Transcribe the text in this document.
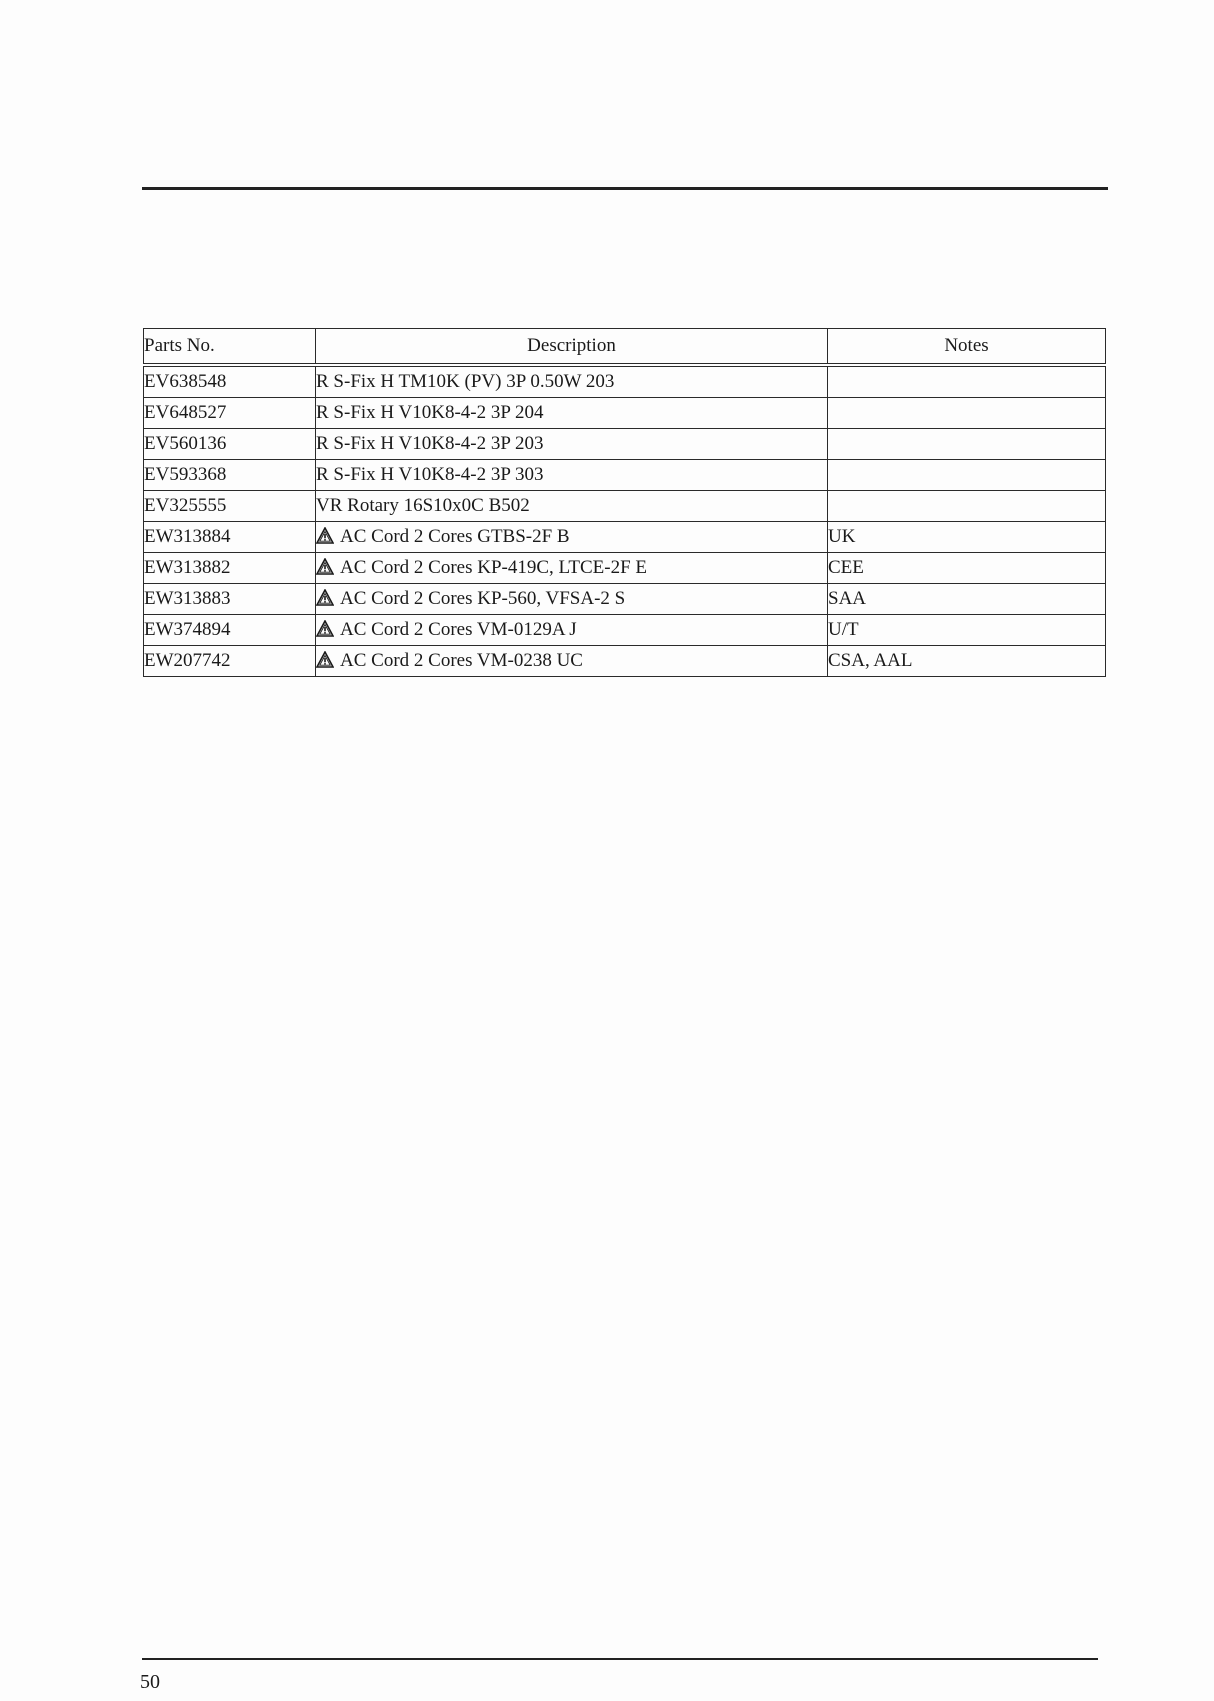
Parts No.	Description	Notes
EV638548	R S-Fix H TM10K (PV) 3P 0.50W 203	
EV648527	R S-Fix H V10K8-4-2 3P 204	
EV560136	R S-Fix H V10K8-4-2 3P 203	
EV593368	R S-Fix H V10K8-4-2 3P 303	
EV325555	VR Rotary 16S10x0C B502	
EW313884	AC Cord 2 Cores GTBS-2F B	UK
EW313882	AC Cord 2 Cores KP-419C, LTCE-2F E	CEE
EW313883	AC Cord 2 Cores KP-560, VFSA-2 S	SAA
EW374894	AC Cord 2 Cores VM-0129A J	U/T
EW207742	AC Cord 2 Cores VM-0238 UC	CSA, AAL
50
